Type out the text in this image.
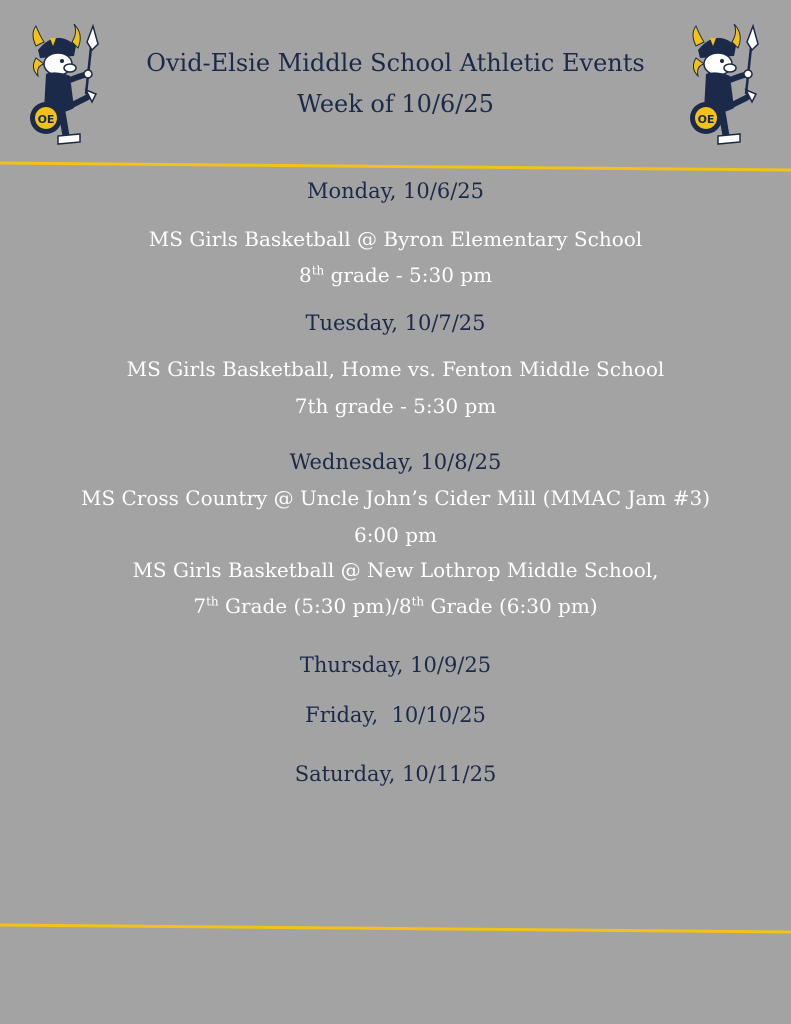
OE	OE
Ovid-Elsie Middle School Athletic Events
Week of 10/6/25
Monday, 10/6/25
MS Girls Basketball @ Byron Elementary School
8th grade - 5:30 pm
Tuesday, 10/7/25
MS Girls Basketball, Home vs. Fenton Middle School
7th grade - 5:30 pm
Wednesday, 10/8/25
MS Cross Country @ Uncle John’s Cider Mill (MMAC Jam #3)
6:00 pm
MS Girls Basketball @ New Lothrop Middle School,
7th Grade (5:30 pm)/8th Grade (6:30 pm)
Thursday, 10/9/25
Friday,  10/10/25
Saturday, 10/11/25
